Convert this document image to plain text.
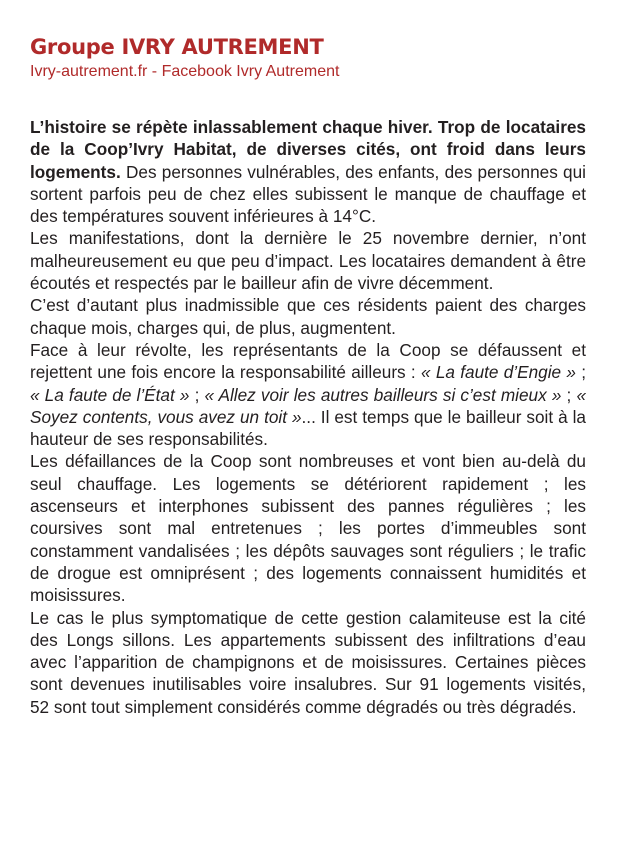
Groupe IVRY AUTREMENT

Ivry-autrement.fr - Facebook Ivry Autrement

L’histoire se répète inlassablement chaque hiver. Trop de locataires de la Coop’Ivry Habitat, de diverses cités, ont froid dans leurs logements. Des personnes vulnérables, des enfants, des personnes qui sortent parfois peu de chez elles subissent le manque de chauffage et des températures souvent inférieures à 14°C.

Les manifestations, dont la dernière le 25 novembre dernier, n’ont malheureusement eu que peu d’impact. Les locataires demandent à être écoutés et respectés par le bailleur afin de vivre décemment.

C’est d’autant plus inadmissible que ces résidents paient des charges chaque mois, charges qui, de plus, augmentent.

Face à leur révolte, les représentants de la Coop se défaussent et rejettent une fois encore la responsabilité ailleurs : « La faute d’Engie » ; « La faute de l’État » ; « Allez voir les autres bailleurs si c’est mieux » ; « Soyez contents, vous avez un toit »... Il est temps que le bailleur soit à la hauteur de ses responsabilités.

Les défaillances de la Coop sont nombreuses et vont bien au-delà du seul chauffage. Les logements se détériorent rapidement ; les ascenseurs et interphones subissent des pannes régulières ; les coursives sont mal entretenues ; les portes d’immeubles sont constamment vandalisées ; les dépôts sauvages sont réguliers ; le trafic de drogue est omniprésent ; des logements connaissent humidités et moisissures.

Le cas le plus symptomatique de cette gestion calamiteuse est la cité des Longs sillons. Les appartements subissent des infiltrations d’eau avec l’apparition de champignons et de moisissures. Certaines pièces sont devenues inutilisables voire insalubres. Sur 91 logements visités, 52 sont tout simplement considérés comme dégradés ou très dégradés.
